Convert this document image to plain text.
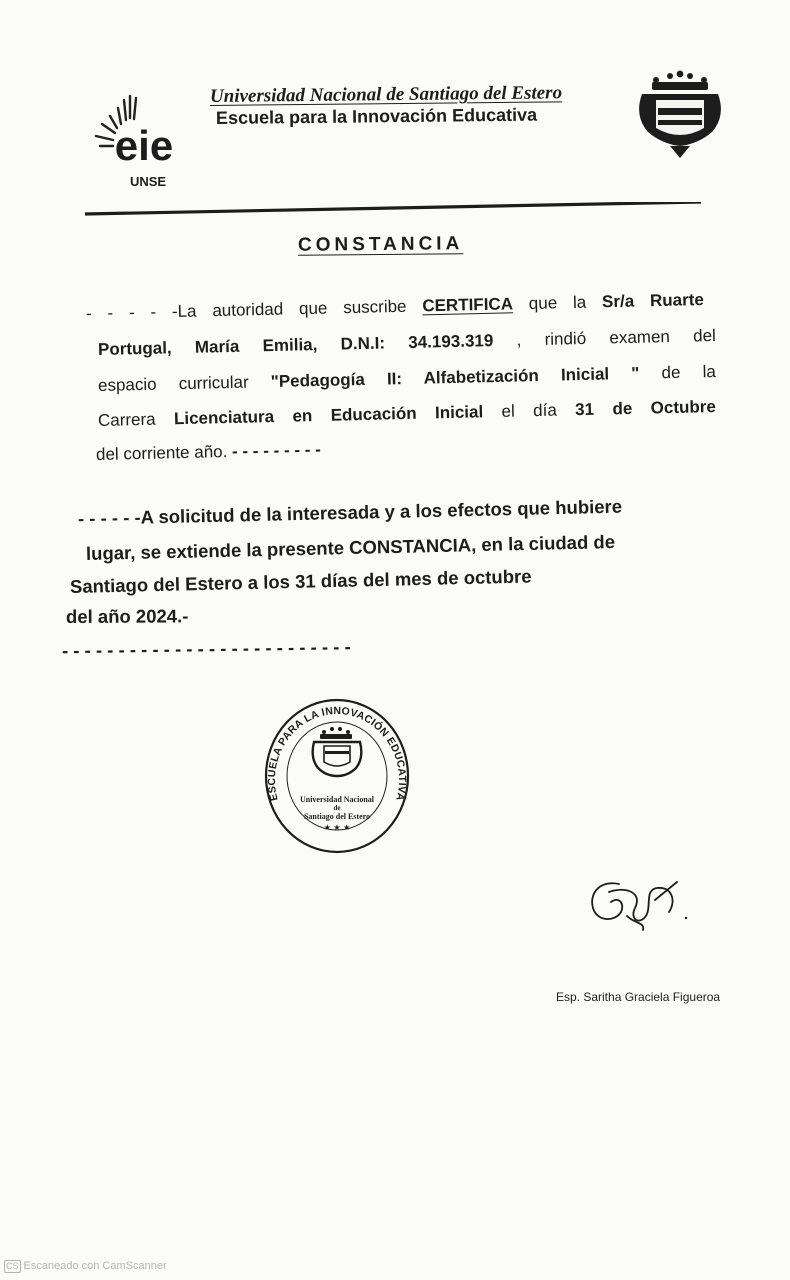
eie
UNSE
Universidad Nacional de Santiago del Estero
Escuela para la Innovación Educativa
CONSTANCIA
- - - - -La autoridad que suscribe CERTIFICA que la Sr/a Ruarte
Portugal, María Emilia, D.N.I: 34.193.319 , rindió examen del
espacio curricular "Pedagogía II: Alfabetización Inicial " de la
Carrera Licenciatura en Educación Inicial el día 31 de Octubre
del corriente año. - - - - - - - - -
- - - - - -A solicitud de la interesada y a los efectos que hubiere
lugar, se extiende la presente CONSTANCIA, en la ciudad de
Santiago del Estero a los 31 días del mes de octubre
del año 2024.-
- - - - - - - - - - - - - - - - - - - - - - - - - -
ESCUELA PARA LA INNOVACIÓN EDUCATIVA
Universidad Nacional
de
Santiago del Estero
★ ★ ★
Esp. Saritha Graciela Figueroa
CS Escaneado con CamScanner
